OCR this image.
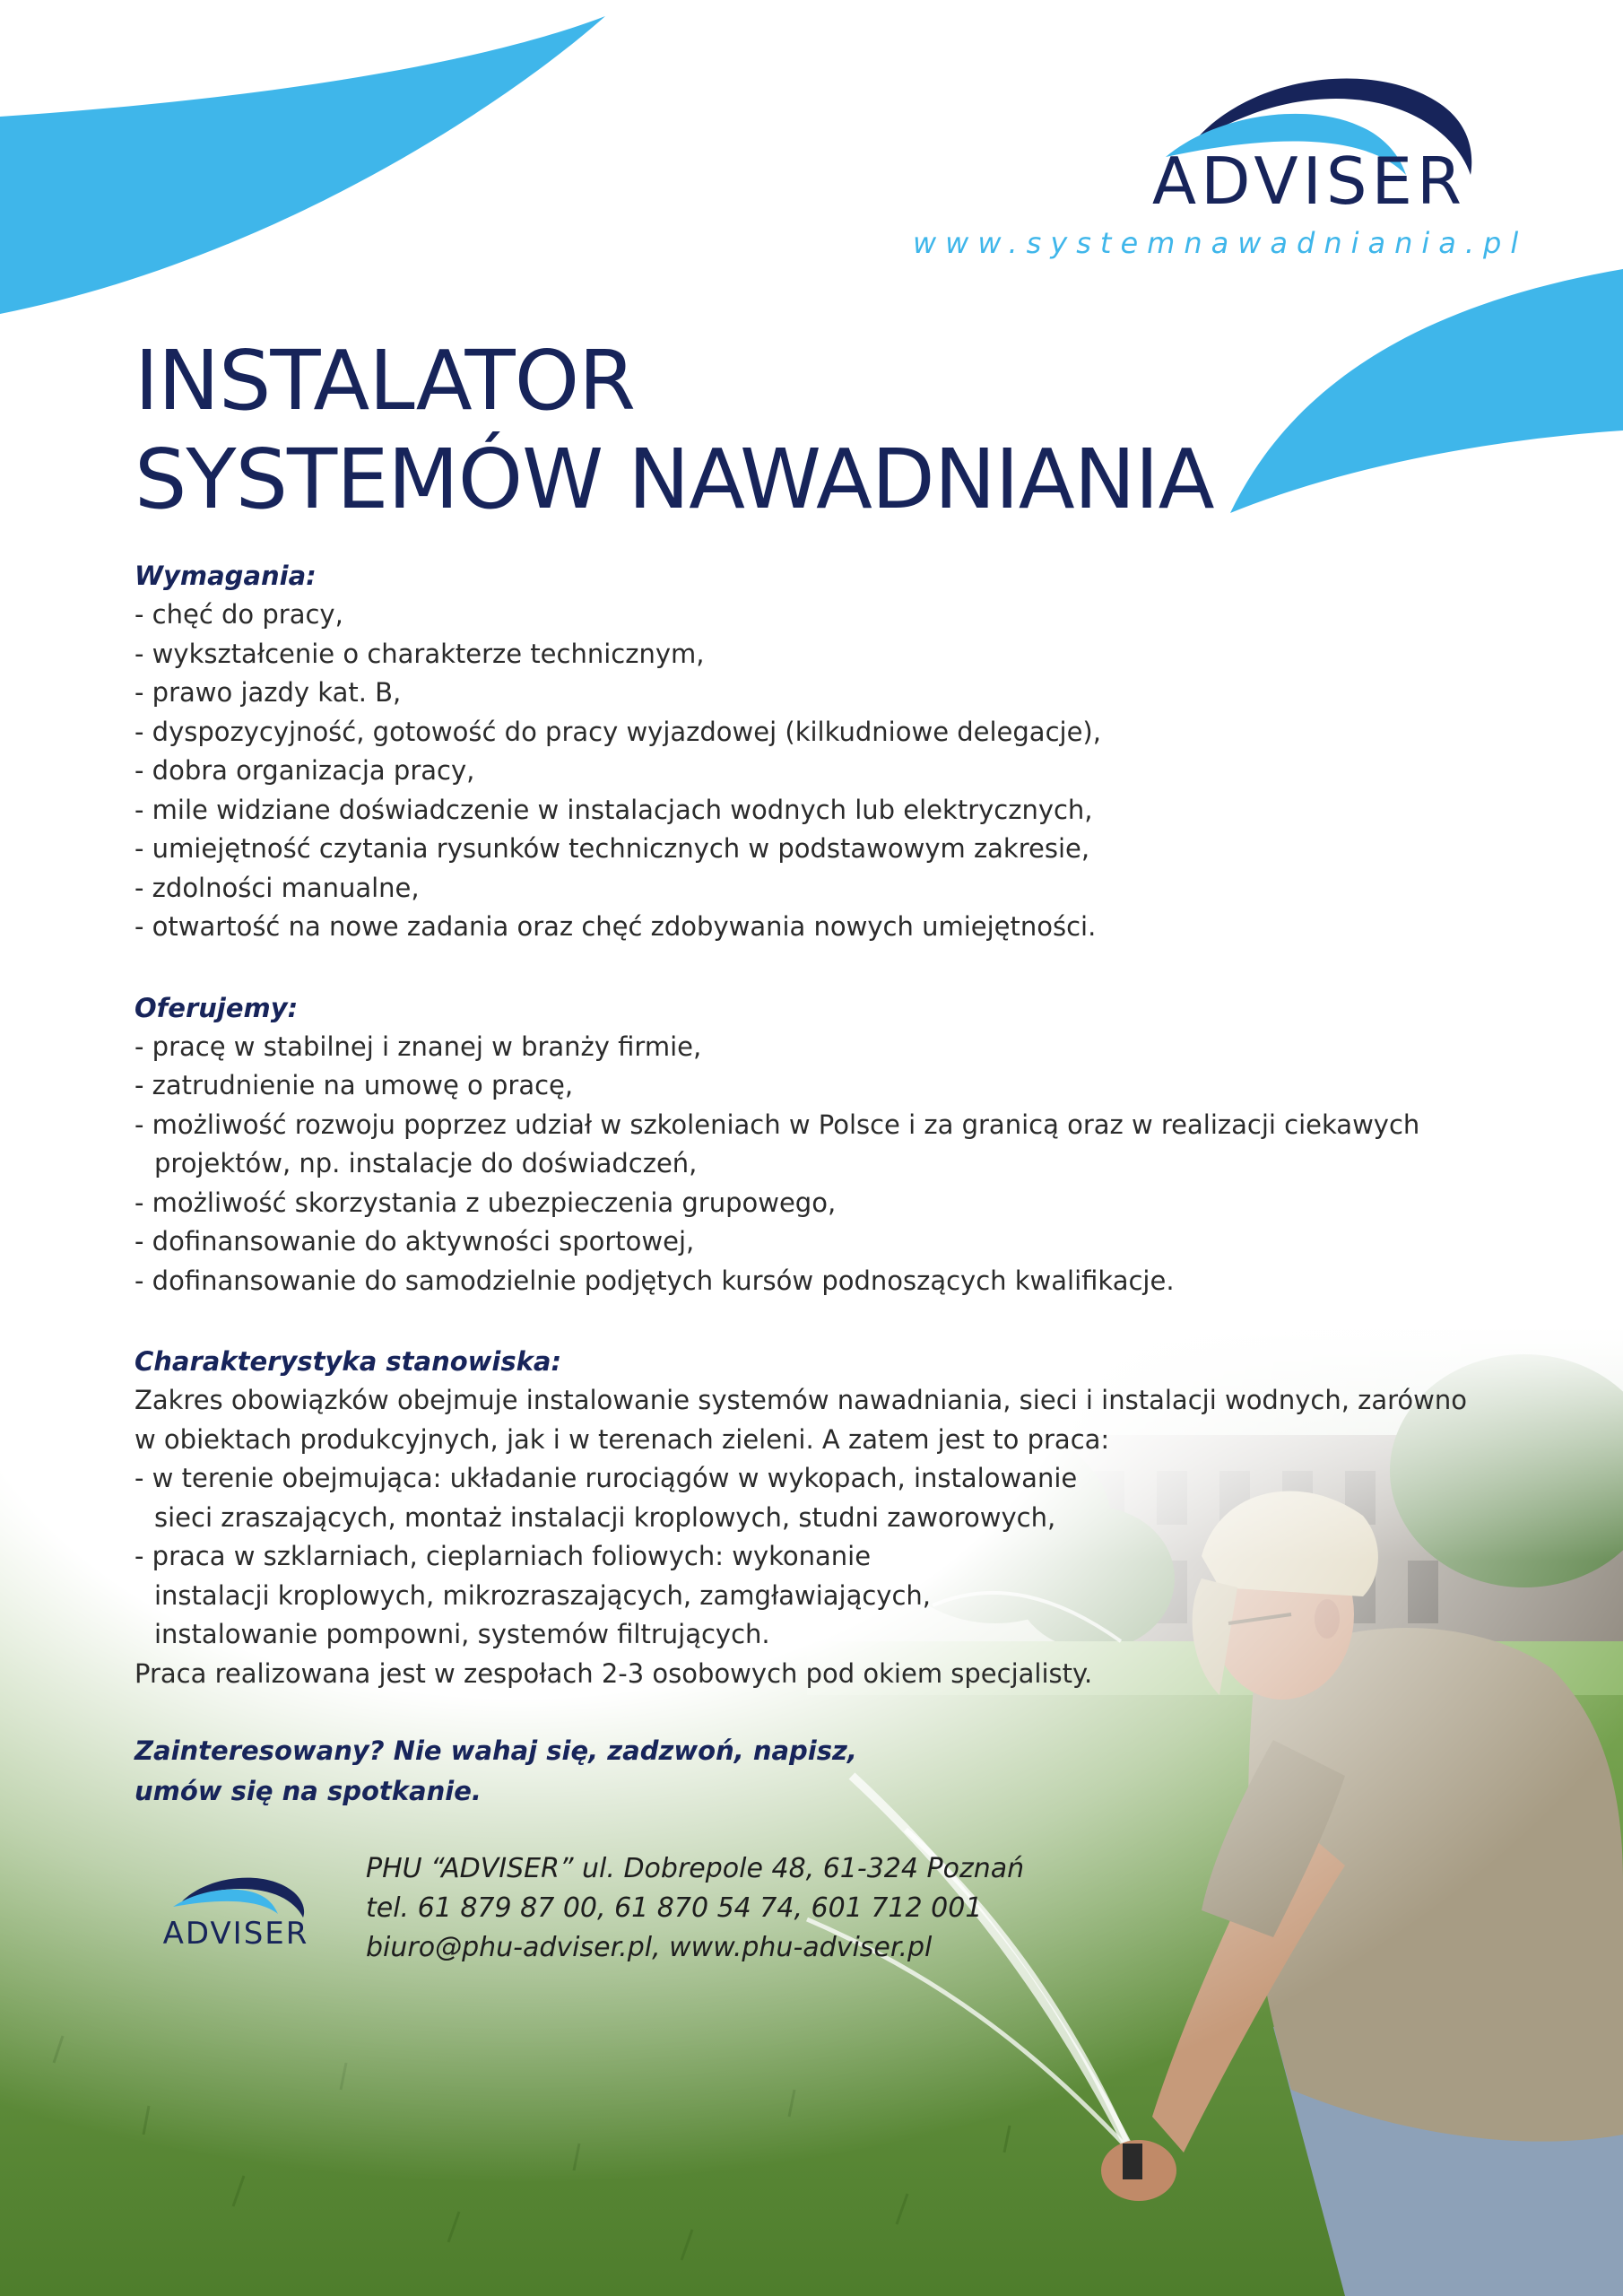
ADVISER
www.systemnawadniania.pl
INSTALATOR
SYSTEMÓW NAWADNIANIA

Wymagania:

- chęć do pracy,
- wykształcenie o charakterze technicznym,
- prawo jazdy kat. B,
- dyspozycyjność, gotowość do pracy wyjazdowej (kilkudniowe delegacje),
- dobra organizacja pracy,
- mile widziane doświadczenie w instalacjach wodnych lub elektrycznych,
- umiejętność czytania rysunków technicznych w podstawowym zakresie,
- zdolności manualne,
- otwartość na nowe zadania oraz chęć zdobywania nowych umiejętności.

Oferujemy:

- pracę w stabilnej i znanej w branży firmie,
- zatrudnienie na umowę o pracę,
- możliwość rozwoju poprzez udział w szkoleniach w Polsce i za granicą oraz w realizacji ciekawych
projektów, np. instalacje do doświadczeń,
- możliwość skorzystania z ubezpieczenia grupowego,
- dofinansowanie do aktywności sportowej,
- dofinansowanie do samodzielnie podjętych kursów podnoszących kwalifikacje.

Charakterystyka stanowiska:

Zakres obowiązków obejmuje instalowanie systemów nawadniania, sieci i instalacji wodnych, zarówno

w obiektach produkcyjnych, jak i w terenach zieleni. A zatem jest to praca:

- w terenie obejmująca: układanie rurociągów w wykopach, instalowanie

sieci zraszających, montaż instalacji kroplowych, studni zaworowych,

- praca w szklarniach, cieplarniach foliowych: wykonanie

instalacji kroplowych, mikrozraszających, zamgławiających,

instalowanie pompowni, systemów filtrujących.

Praca realizowana jest w zespołach 2-3 osobowych pod okiem specjalisty.

Zainteresowany? Nie wahaj się, zadzwoń, napisz,

umów się na spotkanie.

ADVISER

PHU “ADVISER” ul. Dobrepole 48, 61-324 Poznań

tel. 61 879 87 00, 61 870 54 74, 601 712 001

biuro@phu-adviser.pl, www.phu-adviser.pl
